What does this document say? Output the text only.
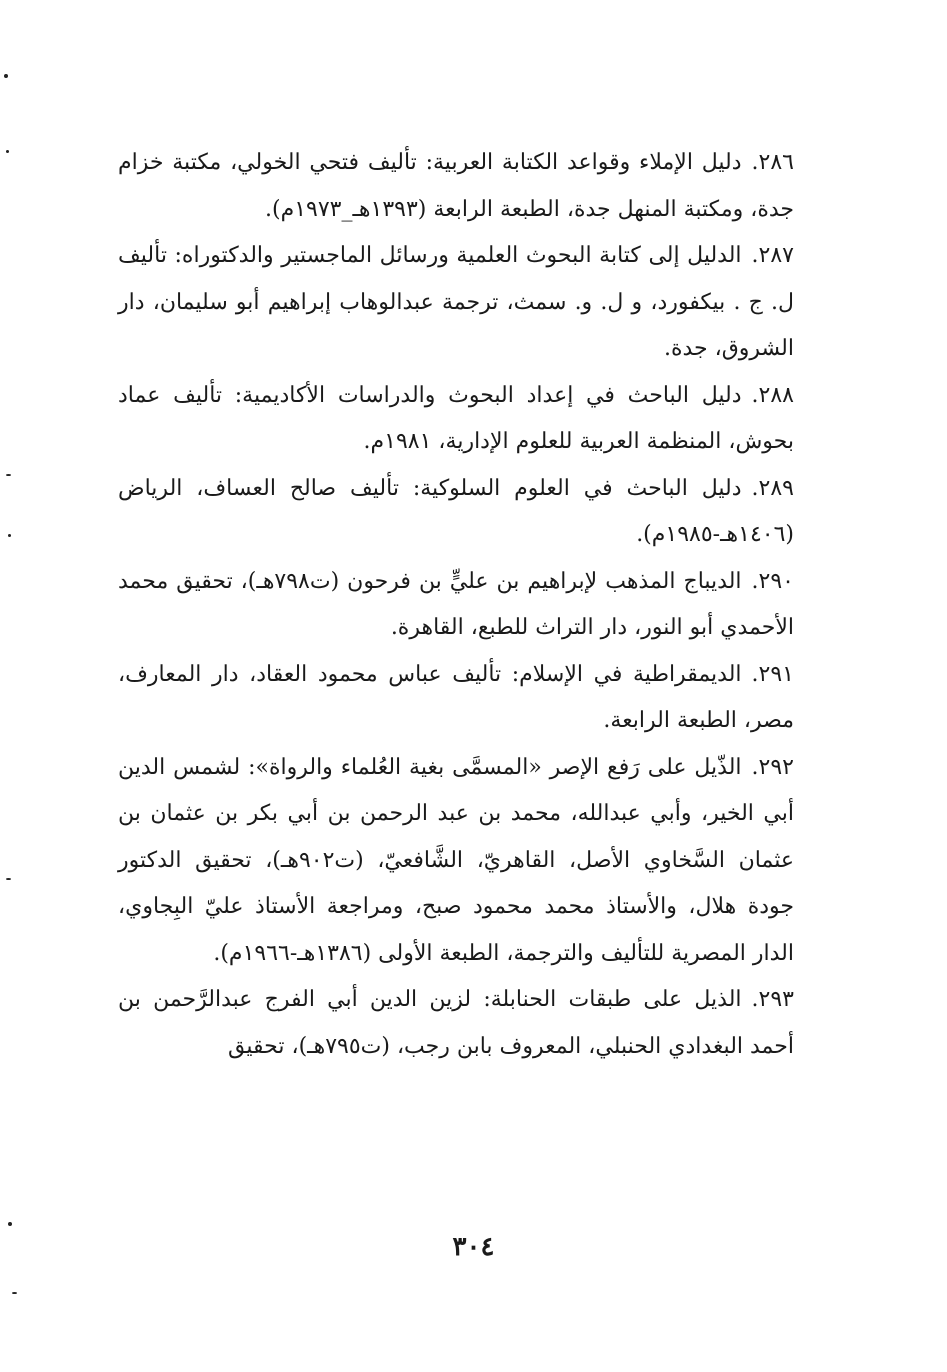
٢٨٦.دليل الإملاء وقواعد الكتابة العربية: تأليف فتحي الخولي، مكتبة خزام جدة، ومكتبة المنهل جدة، الطبعة الرابعة (١٣٩٣هـ_١٩٧٣م).

٢٨٧.الدليل إلى كتابة البحوث العلمية ورسائل الماجستير والدكتوراه: تأليف ل. ج . بيكفورد، و ل. و. سمث، ترجمة عبدالوهاب إبراهيم أبو سليمان، دار الشروق، جدة.

٢٨٨.دليل الباحث في إعداد البحوث والدراسات الأكاديمية: تأليف عماد بحوش، المنظمة العربية للعلوم الإدارية، ١٩٨١م.

٢٨٩.دليل الباحث في العلوم السلوكية: تأليف صالح العساف، الرياض (١٤٠٦هـ-١٩٨٥م).

٢٩٠.الديباج المذهب لإبراهيم بن عليٍّ بن فرحون (ت٧٩٨هـ)، تحقيق محمد الأحمدي أبو النور، دار التراث للطبع، القاهرة.

٢٩١.الديمقراطية في الإسلام: تأليف عباس محمود العقاد، دار المعارف، مصر، الطبعة الرابعة.

٢٩٢.الذّيل على رَفع الإصر «المسمَّى بغية العُلماء والرواة»: لشمس الدين أبي الخير، وأبي عبدالله، محمد بن عبد الرحمن بن أبي بكر بن عثمان بن عثمان السَّخاوي الأصل، القاهريّ، الشَّافعيّ، (ت٩٠٢هـ)، تحقيق الدكتور جودة هلال، والأستاذ محمد محمود صبح، ومراجعة الأستاذ عليّ البِجاوي، الدار المصرية للتأليف والترجمة، الطبعة الأولى (١٣٨٦هـ-١٩٦٦م).

٢٩٣.الذيل على طبقات الحنابلة: لزين الدين أبي الفرج عبدالرَّحمن بن أحمد البغدادي الحنبلي، المعروف بابن رجب، (ت٧٩٥هـ)، تحقيق

٣٠٤
